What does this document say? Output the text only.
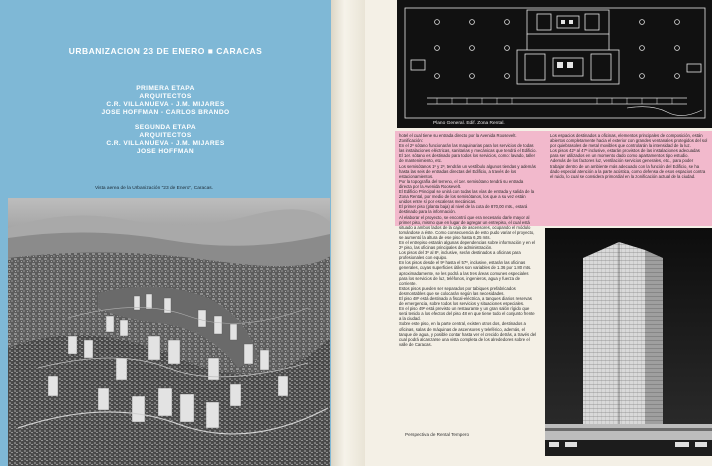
URBANIZACION 23 DE ENERO ■ CARACAS
PRIMERA ETAPA
ARQUITECTOS
C.R. VILLANUEVA - J.M. MIJARES
JOSE HOFFMAN - CARLOS BRANDO
SEGUNDA ETAPA
ARQUITECTOS
C.R. VILLANUEVA - J.M. MIJARES
JOSE HOFFMAN
Vista aerea de la Urbanización "23 de Enero", Caracas.
Plano General. Edif. Zona Rental.

hotel el cual tiene su entrada directo por la Avenida Roosevelt.

Zonificación:

En el 2º sótano funcionarán las maquinarias para los servicios de todas las instalaciones eléctricas, sanitarias y mecánicas que tendrá el Edificio.

El 1er. sótano es destinado para todos los servicios, como: lavado, taller de mantenimiento, etc.

Los semisótanos 1º y 2º, tendrán un vestíbulo algunos tiendas y además hasta las seis de entradas directas del Edificio, a través de los estacionamientos.

Por la topografía del terreno, el 1er. semisótano tendrá su entrada directa por la Avenida Roosevelt.

El Edificio Principal se unirá con todas las vías de entrada y salida de la Zona Rental, por medio de los semisótanos, los que a su vez están unidos entre sí por escaleras mecánicas.

El primer piso (planta baja) al nivel de la cota de 870,00 mts., estará destinado para la información.

Al elaborar el proyecto, se encontró que era necesario darle mayor al primer piso, mismo que en lugar de agregar un entrepiso, el cual está situado a ambos lados de la caja de ascensores, ocupando el módulo tomándose a éste. Como consecuencia de esto pudo variar el proyecto, se aumentó la altura de ese piso hasta 6,25 mts.

En el entrepiso estarán algunas dependencias sobre información y en el 2º piso, las oficinas principales de administración.

Los pisos del 3º al 8º, inclusive, serán destinados a oficinas para profesionales con equipo.

En los pisos desde el 9º hasta el 57º, inclusive, estarán las oficinas generales, cuyas superficies útiles son variables de 1.36 por 1.80 mts. aproximadamente, se les podrá a las tres áreas comunes especiales para los servicios de luz, teléfonos, ingenieros, agua y fuerza de corriente.

Estos pisos pueden ser separados por tabiques prefabricados desmontables que se colocarán según las necesidades.

El piso 48º está destinado a fiscal-eléctrica, a tanques diarios reservas de emergencia, sobre todos los servicios y situaciones especiales.

En el piso 49º está previsto un restaurante y un gran salón rígido que será tenido a los efectos del piso 48 en que tiene todo el conjunto frente a la ciudad.

Sobre este piso, en la parte central, existen otros dos, destinados a oficinas, salas de máquinas de ascensores y teleférico, además, el tanque de agua, y posible contar hasta ver el crecido detrás, a través del cual podrá alcanzarse una vista completa de los alrededores sobre el valle de Caracas.

Los espacios destinados a oficinas, elementos principales de composición, están abiertos completamente hacia el exterior con grandes ventanales protegidos del sol por quiebrasoles de metal movibles que controlarán la intensidad de la luz.

Los pisos 42º al 47º inclusive, estarán provistos de las instalaciones adecuadas para ser utilizados en un momento dado como apartamentos tipo estudio.

Además de los factores luz, ventilación servicios generales, etc., para poder trabajar dentro de un ambiente más adecuado con la función del Edificio, se ha dado especial atención a la parte acústica, como defensa de esos espacios contra el ruido, lo cual se considera primordial en la zonificación actual de la ciudad.

Perspectiva de Rental Tempero
